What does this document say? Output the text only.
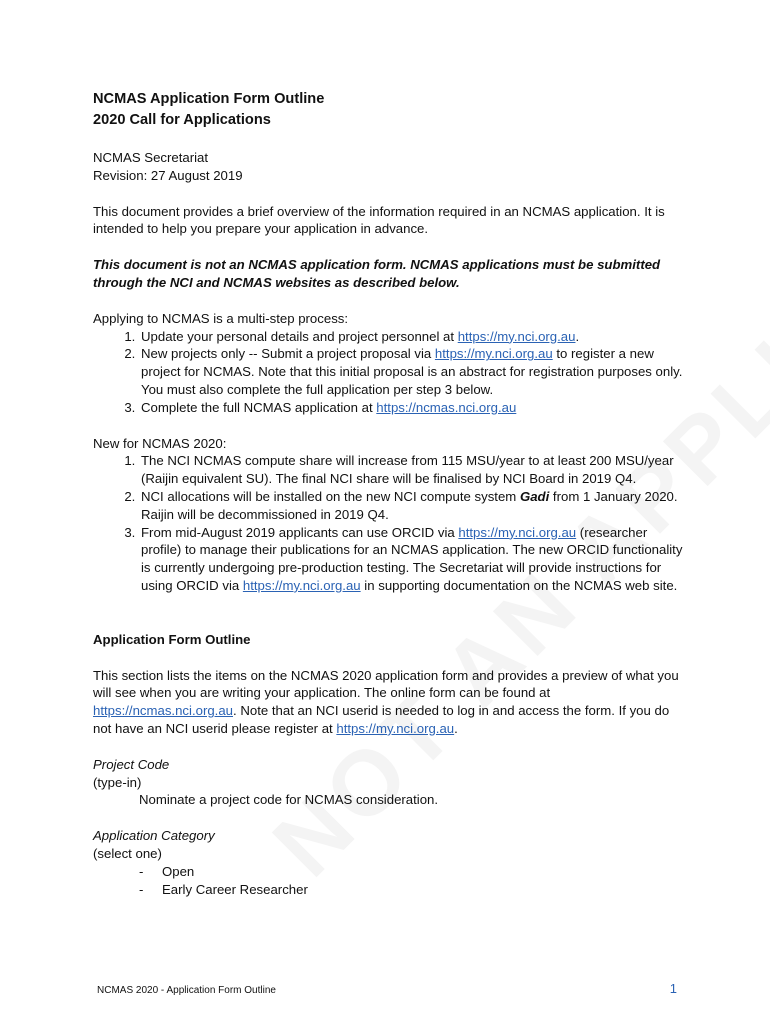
NCMAS Application Form Outline
2020 Call for Applications

NCMAS Secretariat

Revision: 27 August 2019

This document provides a brief overview of the information required in an NCMAS application. It is intended to help you prepare your application in advance.

This document is not an NCMAS application form. NCMAS applications must be submitted through the NCI and NCMAS websites as described below.

Applying to NCMAS is a multi-step process:

1. Update your personal details and project personnel at https://my.nci.org.au.
2. New projects only -- Submit a project proposal via https://my.nci.org.au to register a new project for NCMAS. Note that this initial proposal is an abstract for registration purposes only. You must also complete the full application per step 3 below.
3. Complete the full NCMAS application at https://ncmas.nci.org.au

New for NCMAS 2020:

1. The NCI NCMAS compute share will increase from 115 MSU/year to at least 200 MSU/year (Raijin equivalent SU). The final NCI share will be finalised by NCI Board in 2019 Q4.
2. NCI allocations will be installed on the new NCI compute system Gadi from 1 January 2020. Raijin will be decommissioned in 2019 Q4.
3. From mid-August 2019 applicants can use ORCID via https://my.nci.org.au (researcher profile) to manage their publications for an NCMAS application. The new ORCID functionality is currently undergoing pre-production testing. The Secretariat will provide instructions for using ORCID via https://my.nci.org.au in supporting documentation on the NCMAS web site.

Application Form Outline

This section lists the items on the NCMAS 2020 application form and provides a preview of what you will see when you are writing your application. The online form can be found at https://ncmas.nci.org.au. Note that an NCI userid is needed to log in and access the form. If you do not have an NCI userid please register at https://my.nci.org.au.

Project Code

(type-in)

Nominate a project code for NCMAS consideration.

Application Category

(select one)

- Open
- Early Career Researcher
NCMAS 2020 - Application Form Outline	1
